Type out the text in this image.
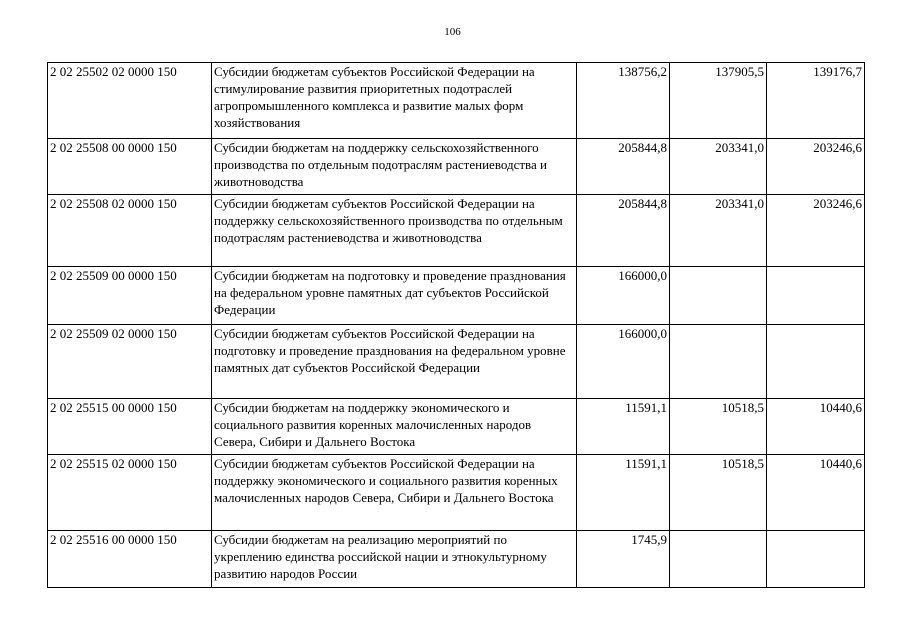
106
2 02 25502 02 0000 150	Субсидии бюджетам субъектов Российской Федерации на стимулирование развития приоритетных подотраслей агропромышленного комплекса и развитие малых форм хозяйствования	138756,2	137905,5	139176,7
2 02 25508 00 0000 150	Субсидии бюджетам на поддержку сельскохозяйственного производства по отдельным подотраслям растениеводства и животноводства	205844,8	203341,0	203246,6
2 02 25508 02 0000 150	Субсидии бюджетам субъектов Российской Федерации на поддержку сельскохозяйственного производства по отдельным подотраслям растениеводства и животноводства	205844,8	203341,0	203246,6
2 02 25509 00 0000 150	Субсидии бюджетам на подготовку и проведение празднования на федеральном уровне памятных дат субъектов Российской Федерации	166000,0		
2 02 25509 02 0000 150	Субсидии бюджетам субъектов Российской Федерации на подготовку и проведение празднования на федеральном уровне памятных дат субъектов Российской Федерации	166000,0		
2 02 25515 00 0000 150	Субсидии бюджетам на поддержку экономического и социального развития коренных малочисленных народов Севера, Сибири и Дальнего Востока	11591,1	10518,5	10440,6
2 02 25515 02 0000 150	Субсидии бюджетам субъектов Российской Федерации на поддержку экономического и социального развития коренных малочисленных народов Севера, Сибири и Дальнего Востока	11591,1	10518,5	10440,6
2 02 25516 00 0000 150	Субсидии бюджетам на реализацию мероприятий по укреплению единства российской нации и этнокультурному развитию народов России	1745,9		
